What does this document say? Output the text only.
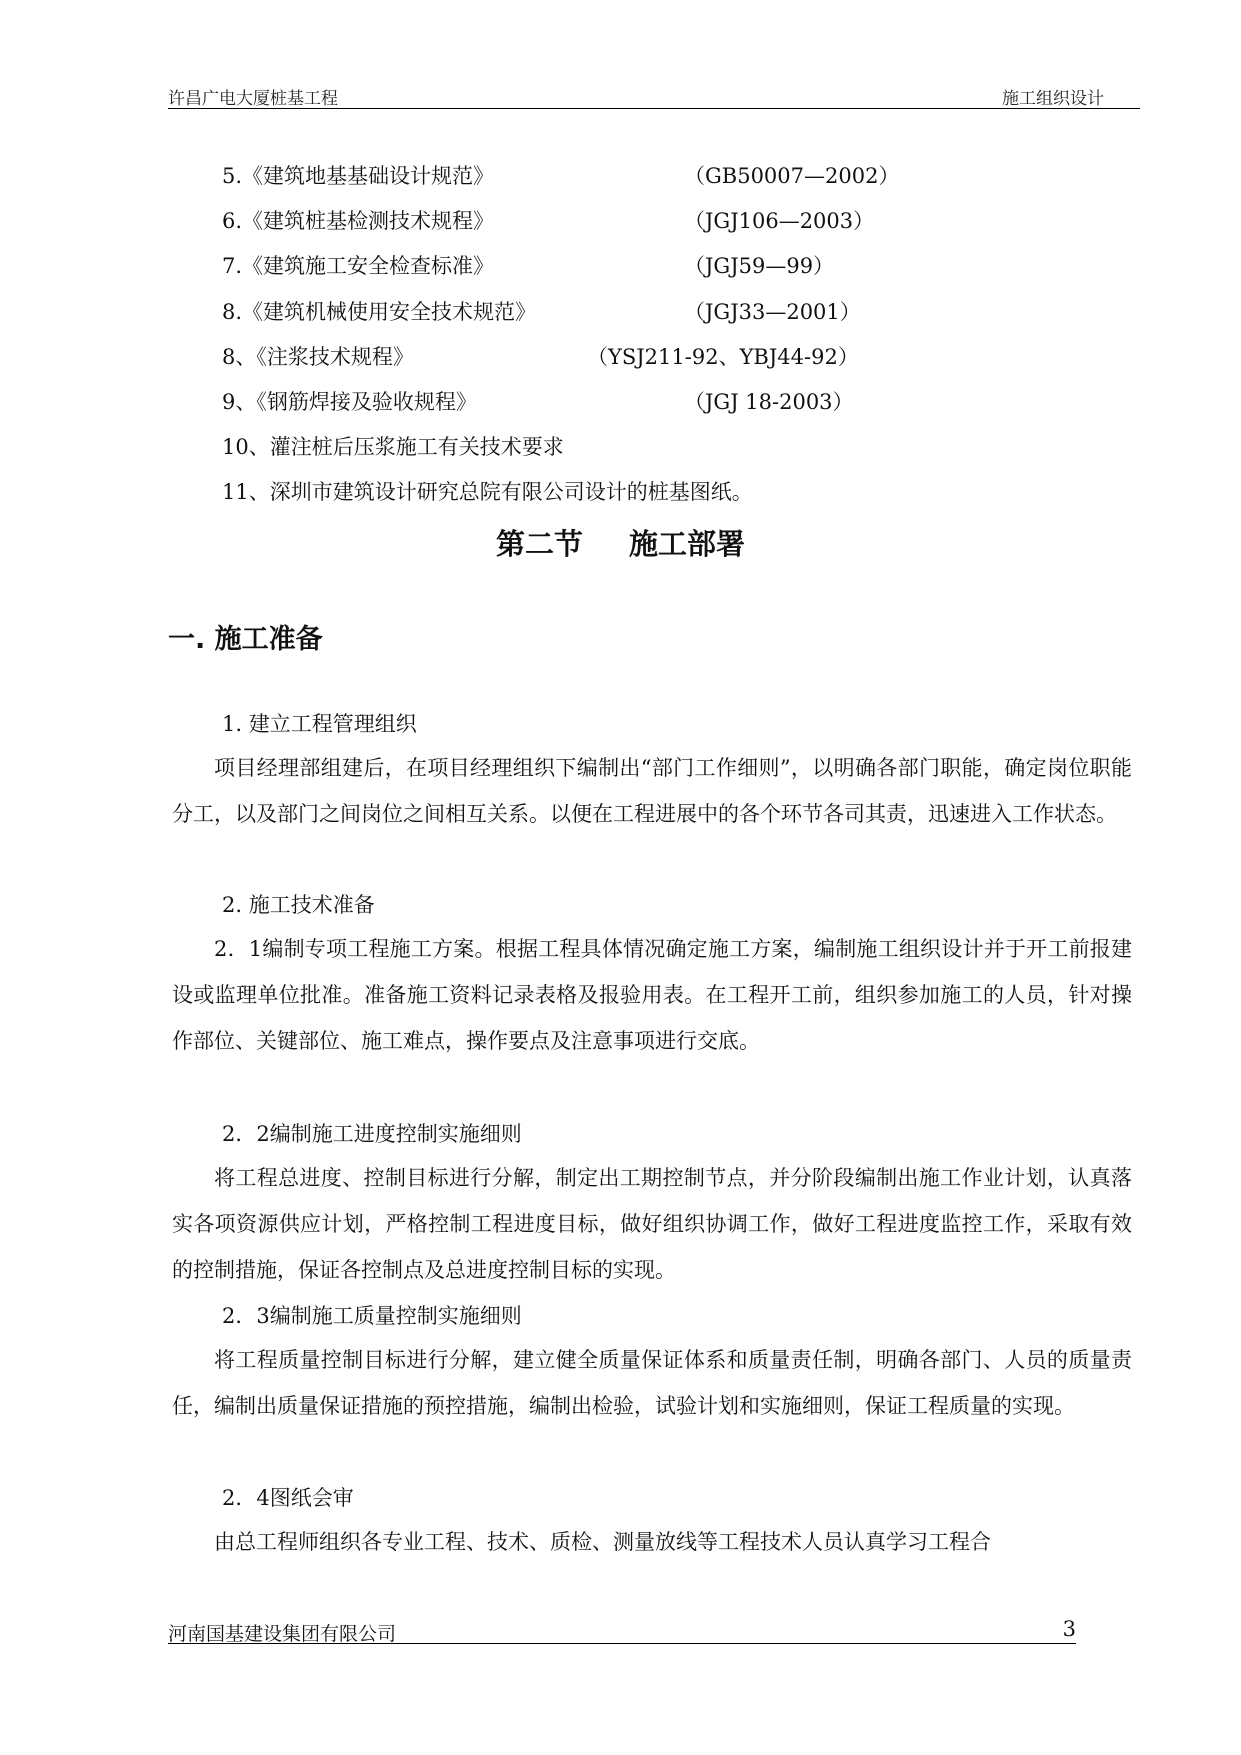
许昌广电大厦桩基工程	施工组织设计
5.《建筑地基基础设计规范》	（GB50007—2002）
6.《建筑桩基检测技术规程》	（JGJ106—2003）
7.《建筑施工安全检查标准》	（JGJ59—99）
8.《建筑机械使用安全技术规范》	（JGJ33—2001）
8、《注浆技术规程》	（YSJ211-92、YBJ44-92）
9、《钢筋焊接及验收规程》	（JGJ 18-2003）
10、灌注桩后压浆施工有关技术要求
11、深圳市建筑设计研究总院有限公司设计的桩基图纸。
第二节 施工部署
一. 施工准备
1. 建立工程管理组织

项目经理部组建后，在项目经理组织下编制出“部门工作细则”，以明确各部门职能，确定岗位职能分工，以及部门之间岗位之间相互关系。以便在工程进展中的各个环节各司其责，迅速进入工作状态。

2. 施工技术准备

2．1编制专项工程施工方案。根据工程具体情况确定施工方案，编制施工组织设计并于开工前报建设或监理单位批准。准备施工资料记录表格及报验用表。在工程开工前，组织参加施工的人员，针对操作部位、关键部位、施工难点，操作要点及注意事项进行交底。

2．2编制施工进度控制实施细则

将工程总进度、控制目标进行分解，制定出工期控制节点，并分阶段编制出施工作业计划，认真落实各项资源供应计划，严格控制工程进度目标，做好组织协调工作，做好工程进度监控工作，采取有效的控制措施，保证各控制点及总进度控制目标的实现。

2．3编制施工质量控制实施细则

将工程质量控制目标进行分解，建立健全质量保证体系和质量责任制，明确各部门、人员的质量责任，编制出质量保证措施的预控措施，编制出检验，试验计划和实施细则，保证工程质量的实现。

2．4图纸会审

由总工程师组织各专业工程、技术、质检、测量放线等工程技术人员认真学习工程合

河南国基建设集团有限公司	3
